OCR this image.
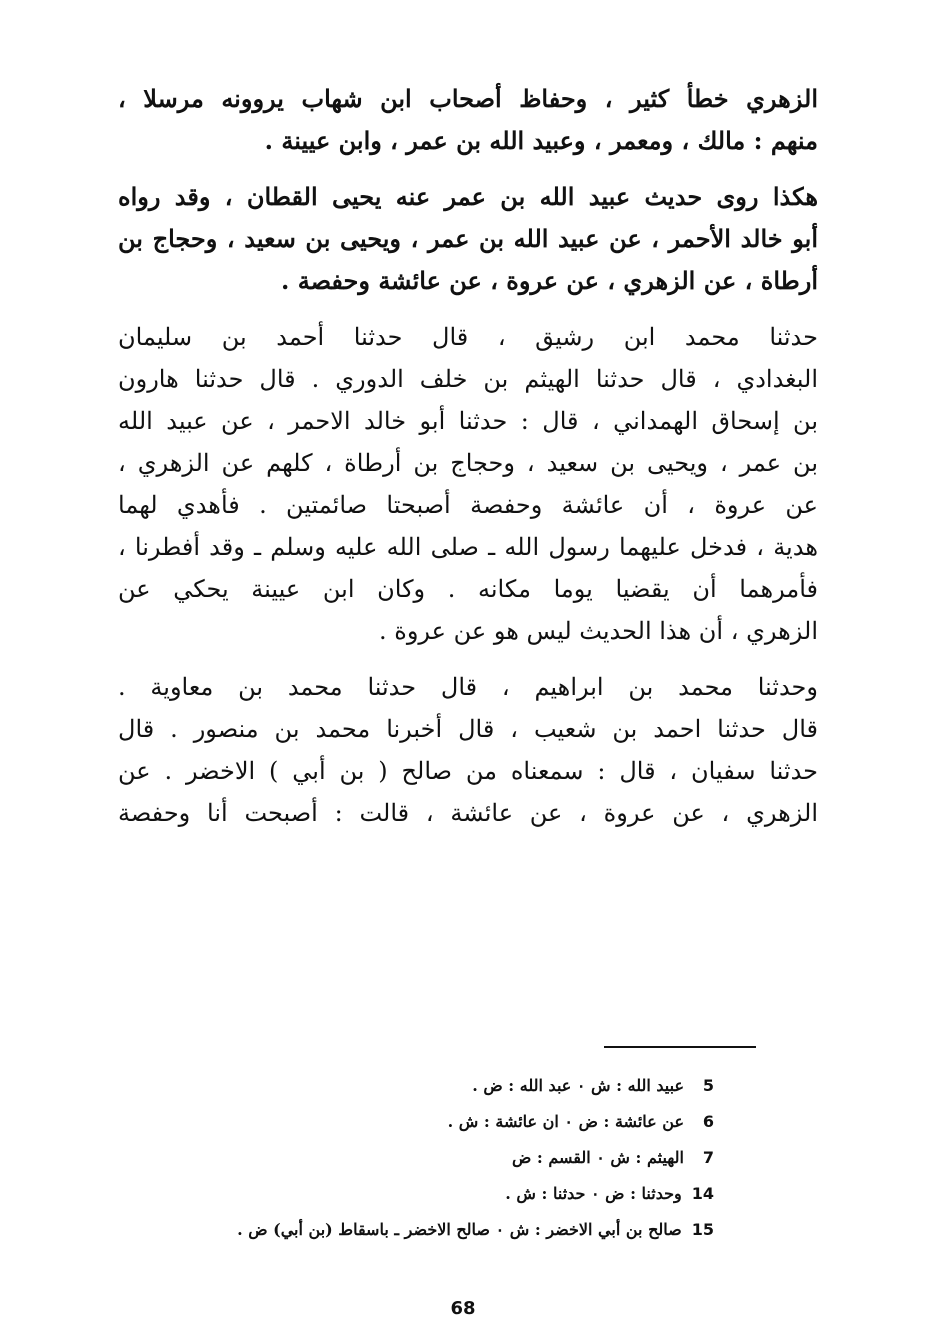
الزهري خطأ كثير ، وحفاظ أصحاب ابن شهاب يروونه مرسلا ،
منهم : مالك ، ومعمر ، وعبيد الله بن عمر ، وابن عيينة .
هكذا روى حديث عبيد الله بن عمر عنه يحيى القطان ، وقد رواه
أبو خالد الأحمر ، عن عبيد الله بن عمر ، ويحيى بن سعيد ، وحجاج بن
أرطاة ، عن الزهري ، عن عروة ، عن عائشة وحفصة .
حدثنا محمد ابن رشيق ، قال حدثنا أحمد بن سليمان
البغدادي ، قال حدثنا الهيثم بن خلف الدوري . قال حدثنا هارون
بن إسحاق الهمداني ، قال : حدثنا أبو خالد الاحمر ، عن عبيد الله
بن عمر ، ويحيى بن سعيد ، وحجاج بن أرطاة ، كلهم عن الزهري ،
عن عروة ، أن عائشة وحفصة أصبحتا صائمتين . فأهدي لهما
هدية ، فدخل عليهما رسول الله ـ صلى الله عليه وسلم ـ وقد أفطرنا ،
فأمرهما أن يقضيا يوما مكانه . وكان ابن عيينة يحكي عن
الزهري ، أن هذا الحديث ليس هو عن عروة .
وحدثنا محمد بن ابراهيم ، قال حدثنا محمد بن معاوية .
قال حدثنا احمد بن شعيب ، قال أخبرنا محمد بن منصور . قال
حدثنا سفيان ، قال : سمعناه من صالح ( بن أبي ) الاخضر . عن
الزهري ، عن عروة ، عن عائشة ، قالت : أصبحت أنا وحفصة
5عبيد الله : ش ٠ عبد الله : ض .
6عن عائشة : ض ٠ ان عائشة : ش .
7الهيثم : ش ٠ القسم : ض
14وحدثنا : ض ٠ حدثنا : ش .
15صالح بن أبي الاخضر : ش ٠ صالح الاخضر ـ باسقاط (بن أبي) ض .
68
